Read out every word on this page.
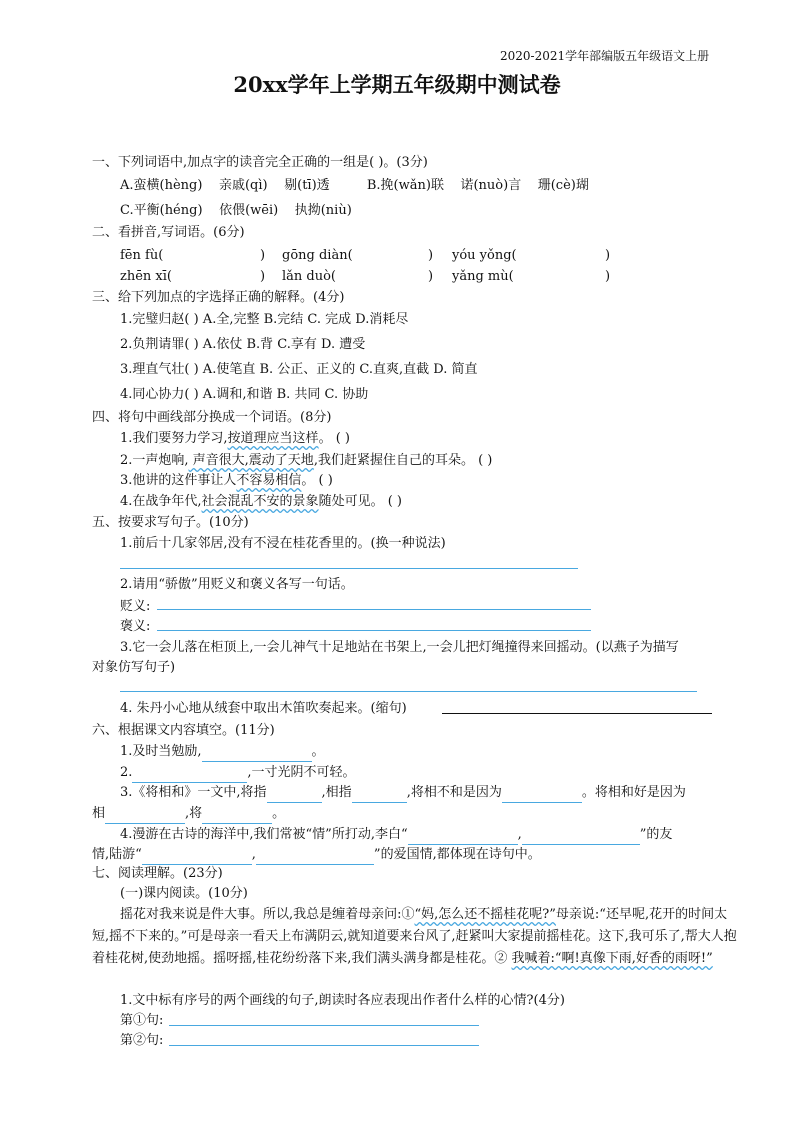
2020-2021学年部编版五年级语文上册
20xx学年上学期五年级期中测试卷
一、下列词语中,加点字的读音完全正确的一组是( )。(3分)
A.蛮横(hèng) 亲戚(qì) 剔(tī)透	B.挽(wǎn)联 诺(nuò)言 珊(cè)瑚
C.平衡(héng) 依偎(wēi) 执拗(niù)
二、看拼音,写词语。(6分)
fēn fù(	) gōng diàn(	) yóu yǒng(	)
zhēn xī(	) lǎn duò(	) yǎng mù(	)
三、给下列加点的字选择正确的解释。(4分)
1.完璧归赵( ) A.全,完整 B.完结 C. 完成 D.消耗尽
2.负荆请罪( ) A.依仗 B.背 C.享有 D. 遭受
3.理直气壮( ) A.使笔直 B. 公正、正义的 C.直爽,直截 D. 简直
4.同心协力( ) A.调和,和谐 B. 共同 C. 协助
四、将句中画线部分换成一个词语。(8分)
1.我们要努力学习,按道理应当这样。 ( )
2.一声炮响, 声音很大,震动了天地,我们赶紧握住自己的耳朵。 ( )
3.他讲的这件事让人不容易相信。 ( )
4.在战争年代,社会混乱不安的景象随处可见。 ( )
五、按要求写句子。(10分)
1.前后十几家邻居,没有不浸在桂花香里的。(换一种说法)
2.请用“骄傲”用贬义和褒义各写一句话。
贬义:
褒义:
3.它一会儿落在柜顶上,一会儿神气十足地站在书架上,一会儿把灯绳撞得来回摇动。(以燕子为描写
对象仿写句子)
4. 朱丹小心地从绒套中取出木笛吹奏起来。(缩句)
六、根据课文内容填空。(11分)
1.及时当勉励,	。
2.	,一寸光阴不可轻。
3.《将相和》一文中,将指	,相指	,将相不和是因为	。将相和好是因为
相	,将	。
4.漫游在古诗的海洋中,我们常被“情”所打动,李白“	,	”的友
情,陆游“	,	”的爱国情,都体现在诗句中。
七、阅读理解。(23分)
(一)课内阅读。(10分)
摇花对我来说是件大事。所以,我总是缠着母亲问:①“妈,怎么还不摇桂花呢?”母亲说:“还早呢,花开的时间太短,摇不下来的。”可是母亲一看天上布满阴云,就知道要来台风了,赶紧叫大家提前摇桂花。这下,我可乐了,帮大人抱着桂花树,使劲地摇。摇呀摇,桂花纷纷落下来,我们满头满身都是桂花。② 我喊着:“啊!真像下雨,好香的雨呀!”
1.文中标有序号的两个画线的句子,朗读时各应表现出作者什么样的心情?(4分)
第①句:
第②句:
